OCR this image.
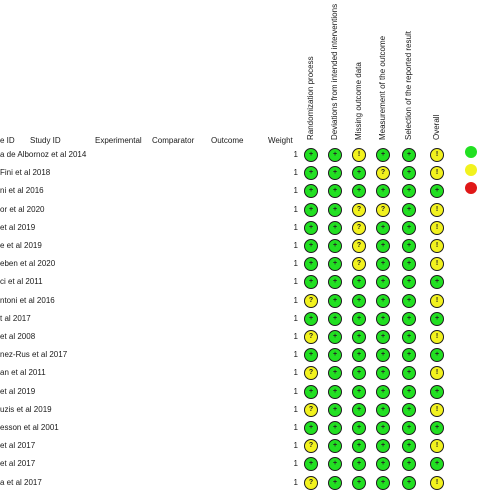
e ID Study ID	Experimental Comparator Outcome	Weight
Randomization process Deviations from intended interventions Missing outcome data Measurement of the outcome Selection of the reported result Overall
a de Albornoz et al 2014	1	+	+	!	+	+	!
Fini et al 2018	1	+	+	+	?	+	!
ni et al 2016	1	+	+	+	+	+	+
or et al 2020	1	+	+	?	?	+	!
et al 2019	1	+	+	?	+	+	!
e et al 2019	1	+	+	?	+	+	!
eben et al 2020	1	+	+	?	+	+	!
ci et al 2011	1	+	+	+	+	+	+
ntoni et al 2016	1	?	+	+	+	+	!
t al 2017	1	+	+	+	+	+	+
et al 2008	1	?	+	+	+	+	!
nez-Rus et al 2017	1	+	+	+	+	+	+
an et al 2011	1	?	+	+	+	+	!
et al 2019	1	+	+	+	+	+	+
uzis et al 2019	1	?	+	+	+	+	!
esson et al 2001	1	+	+	+	+	+	+
et al 2017	1	?	+	+	+	+	!
et al 2017	1	+	+	+	+	+	+
a et al 2017	1	?	+	+	+	+	!
